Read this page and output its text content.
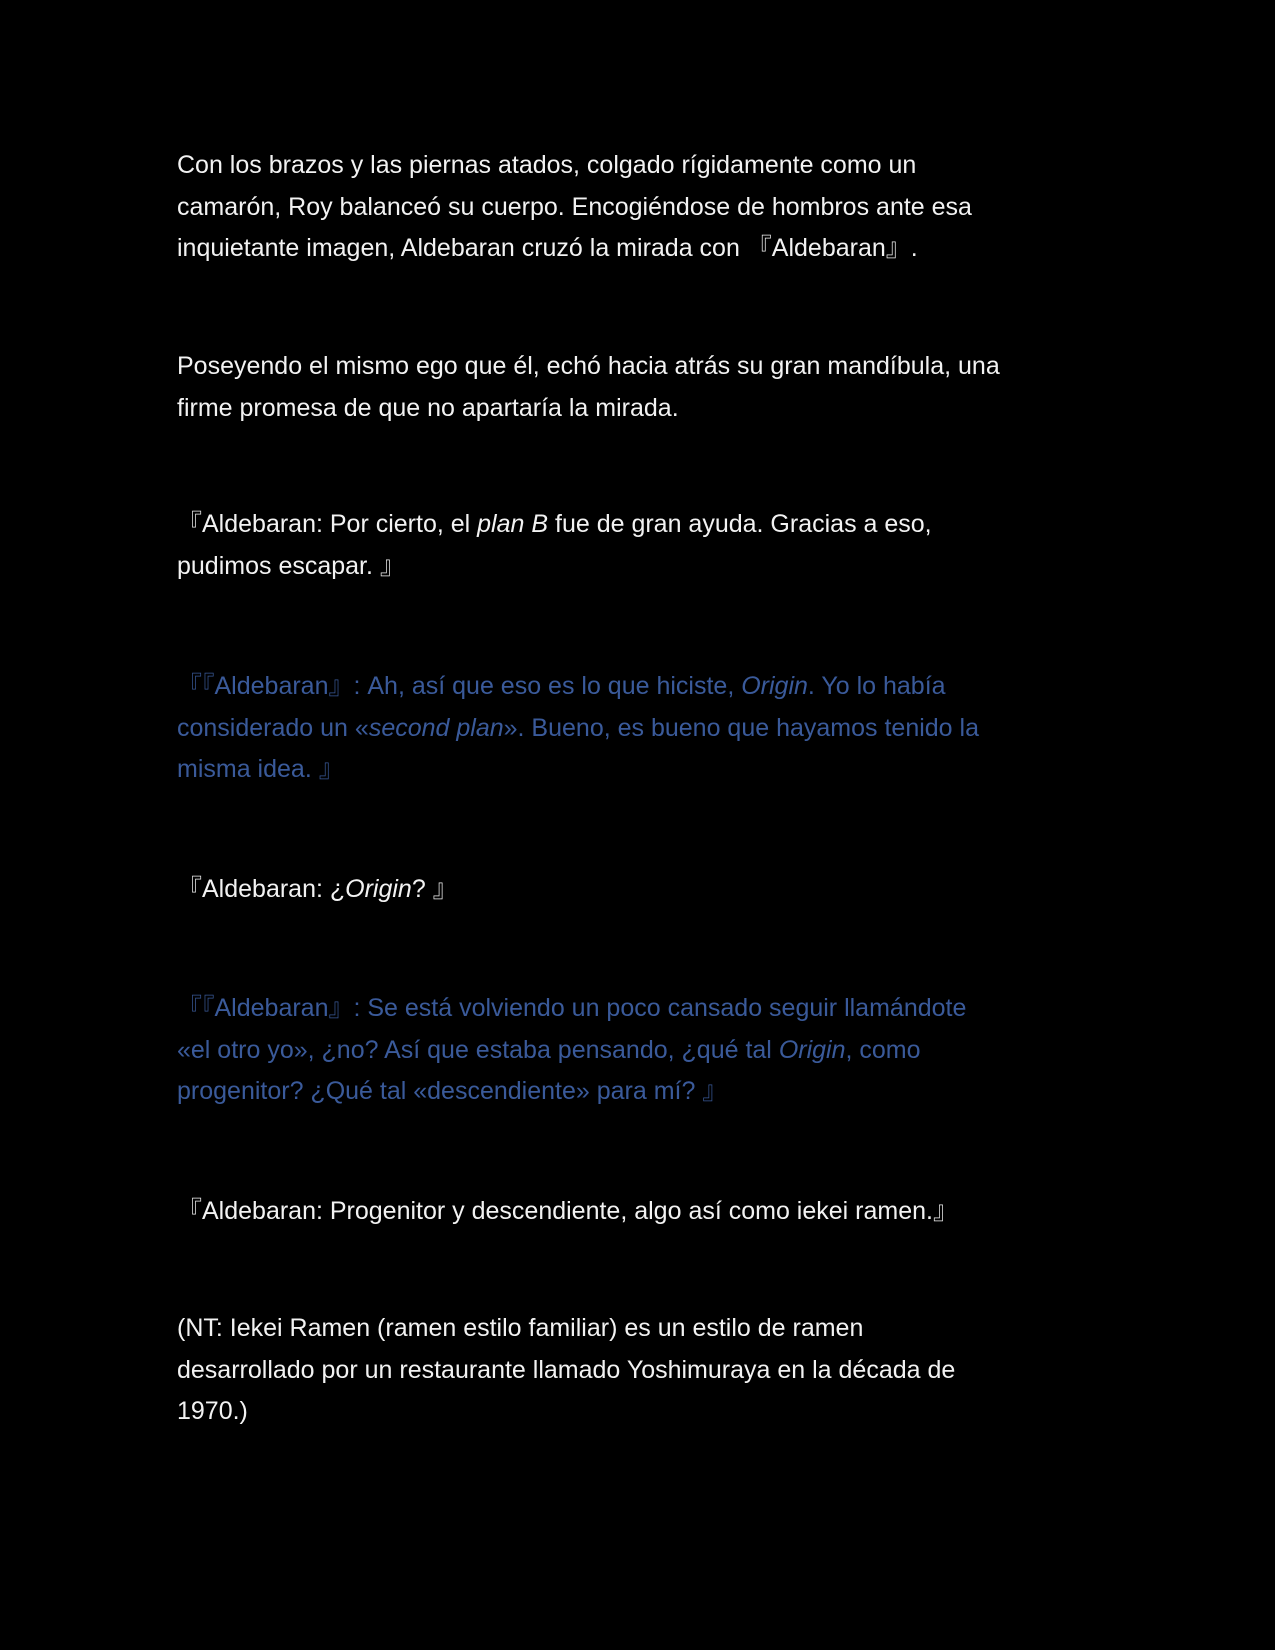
Con los brazos y las piernas atados, colgado rígidamente como un
camarón, Roy balanceó su cuerpo. Encogiéndose de hombros ante esa
inquietante imagen, Aldebaran cruzó la mirada con 『Aldebaran』.

Poseyendo el mismo ego que él, echó hacia atrás su gran mandíbula, una
firme promesa de que no apartaría la mirada.

『Aldebaran: Por cierto, el plan B fue de gran ayuda. Gracias a eso,
pudimos escapar. 』

『『Aldebaran』: Ah, así que eso es lo que hiciste, Origin. Yo lo había
considerado un «second plan». Bueno, es bueno que hayamos tenido la
misma idea. 』

『Aldebaran: ¿Origin? 』

『『Aldebaran』: Se está volviendo un poco cansado seguir llamándote
«el otro yo», ¿no? Así que estaba pensando, ¿qué tal Origin, como
progenitor? ¿Qué tal «descendiente» para mí? 』

『Aldebaran: Progenitor y descendiente, algo así como iekei ramen.』

(NT: Iekei Ramen (ramen estilo familiar) es un estilo de ramen
desarrollado por un restaurante llamado Yoshimuraya en la década de
1970.)
